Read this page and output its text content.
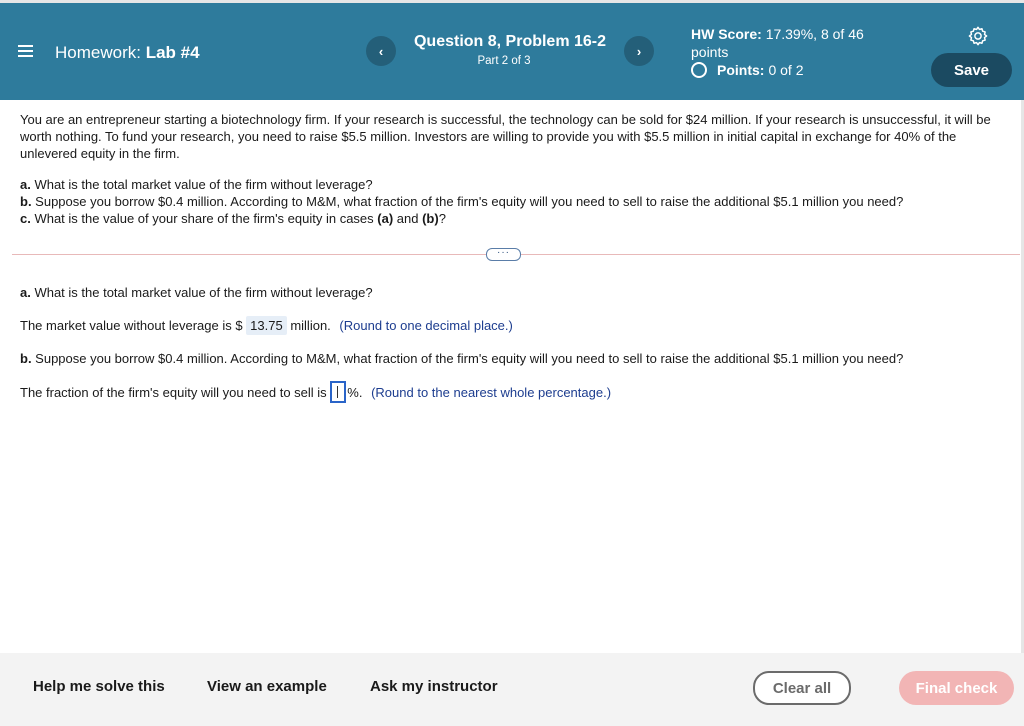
Homework: Lab #4	‹
Question 8, Problem 16-2
Part 2 of 3
›
HW Score: 17.39%, 8 of 46 points
Points: 0 of 2	Save
You are an entrepreneur starting a biotechnology firm. If your research is successful, the technology can be sold for $24 million. If your research is unsuccessful, it will be worth nothing. To fund your research, you need to raise $5.5 million. Investors are willing to provide you with $5.5 million in initial capital in exchange for 40% of the unlevered equity in the firm.
a. What is the total market value of the firm without leverage?
b. Suppose you borrow $0.4 million. According to M&M, what fraction of the firm's equity will you need to sell to raise the additional $5.1 million you need?
c. What is the value of your share of the firm's equity in cases (a) and (b)?
···
a. What is the total market value of the firm without leverage?
The market value without leverage is $ 13.75 million. (Round to one decimal place.)
b. Suppose you borrow $0.4 million. According to M&M, what fraction of the firm's equity will you need to sell to raise the additional $5.1 million you need?
The fraction of the firm's equity will you need to sell is %. (Round to the nearest whole percentage.)
Help me solve this	View an example	Ask my instructor	Clear all	Final check
